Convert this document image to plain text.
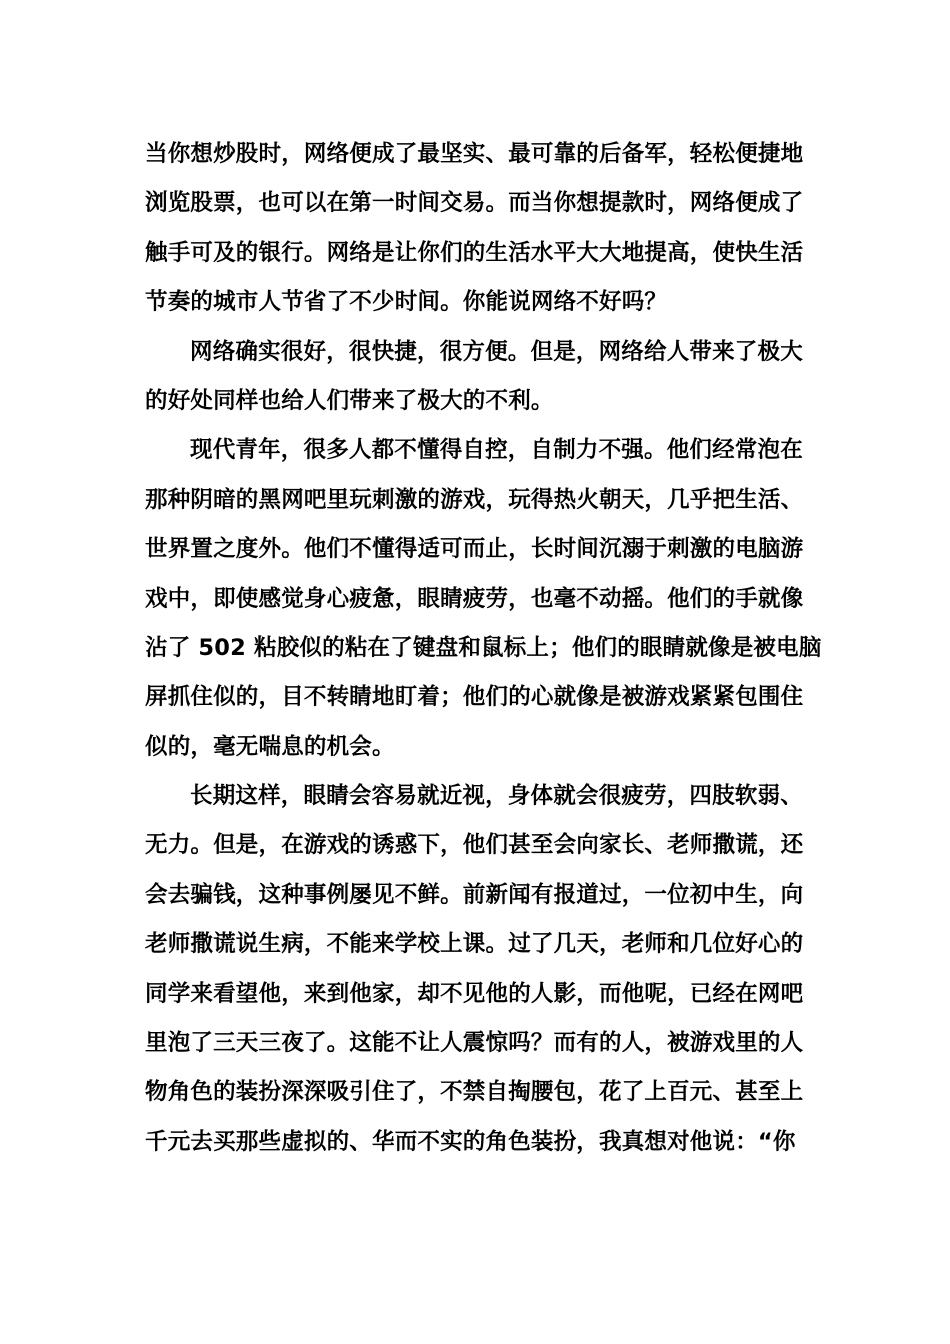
当你想炒股时，网络便成了最坚实、最可靠的后备军，轻松便捷地
浏览股票，也可以在第一时间交易。而当你想提款时，网络便成了
触手可及的银行。网络是让你们的生活水平大大地提高，使快生活
节奏的城市人节省了不少时间。你能说网络不好吗？
网络确实很好，很快捷，很方便。但是，网络给人带来了极大
的好处同样也给人们带来了极大的不利。
现代青年，很多人都不懂得自控，自制力不强。他们经常泡在
那种阴暗的黑网吧里玩刺激的游戏，玩得热火朝天，几乎把生活、
世界置之度外。他们不懂得适可而止，长时间沉溺于刺激的电脑游
戏中，即使感觉身心疲惫，眼睛疲劳，也毫不动摇。他们的手就像
沾了 502 粘胶似的粘在了键盘和鼠标上；他们的眼睛就像是被电脑
屏抓住似的，目不转睛地盯着；他们的心就像是被游戏紧紧包围住
似的，毫无喘息的机会。
长期这样，眼睛会容易就近视，身体就会很疲劳，四肢软弱、
无力。但是，在游戏的诱惑下，他们甚至会向家长、老师撒谎，还
会去骗钱，这种事例屡见不鲜。前新闻有报道过，一位初中生，向
老师撒谎说生病，不能来学校上课。过了几天，老师和几位好心的
同学来看望他，来到他家，却不见他的人影，而他呢，已经在网吧
里泡了三天三夜了。这能不让人震惊吗？而有的人，被游戏里的人
物角色的装扮深深吸引住了，不禁自掏腰包，花了上百元、甚至上
千元去买那些虚拟的、华而不实的角色装扮，我真想对他说：“你
